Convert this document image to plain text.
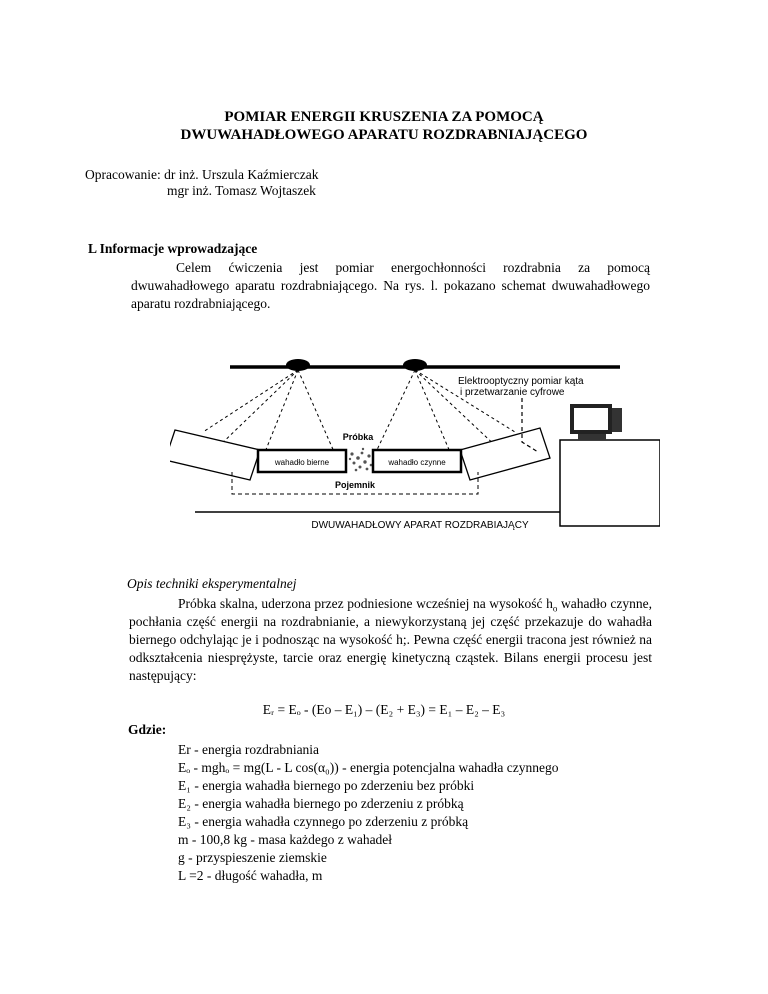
POMIAR ENERGII KRUSZENIA ZA POMOCĄ
DWUWAHADŁOWEGO APARATU ROZDRABNIAJĄCEGO
Opracowanie: dr inż. Urszula Kaźmierczak
mgr inż. Tomasz Wojtaszek
L Informacje wprowadzające
Celem ćwiczenia jest pomiar energochłonności rozdrabnia za pomocą
dwuwahadłowego aparatu rozdrabniającego. Na rys. l. pokazano schemat dwuwahadłowego
aparatu rozdrabniającego.
wahadło bierne	wahadło czynne
Próbka
Pojemnik
Elektrooptyczny pomiar kąta
i przetwarzanie cyfrowe
DWUWAHADŁOWY APARAT ROZDRABIAJĄCY
Opis techniki eksperymentalnej
Próbka skalna, uderzona przez podniesione wcześniej na wysokość $h_o$ wahadło czynne,
pochłania część energii na rozdrabnianie, a niewykorzystaną jej część przekazuje do wahadła
biernego odchylając je i podnosząc na wysokość h;. Pewna część energii tracona jest również na
odkształcenia niesprężyste, tarcie oraz energię kinetyczną cząstek. Bilans energii procesu jest
następujący:
Eᵣ = Eₒ - (Eo – E₁) – (E₂ + E₃) = E₁ – E₂ – E₃
Gdzie:
Er - energia rozdrabniania
Eₒ - mghₒ = mg(L - L cos(α₀)) - energia potencjalna wahadła czynnego
E₁ - energia wahadła biernego po zderzeniu bez próbki
E₂ - energia wahadła biernego po zderzeniu z próbką
E₃ - energia wahadła czynnego po zderzeniu z próbką
m - 100,8 kg - masa każdego z wahadeł
g - przyspieszenie ziemskie
L =2 - długość wahadła, m
